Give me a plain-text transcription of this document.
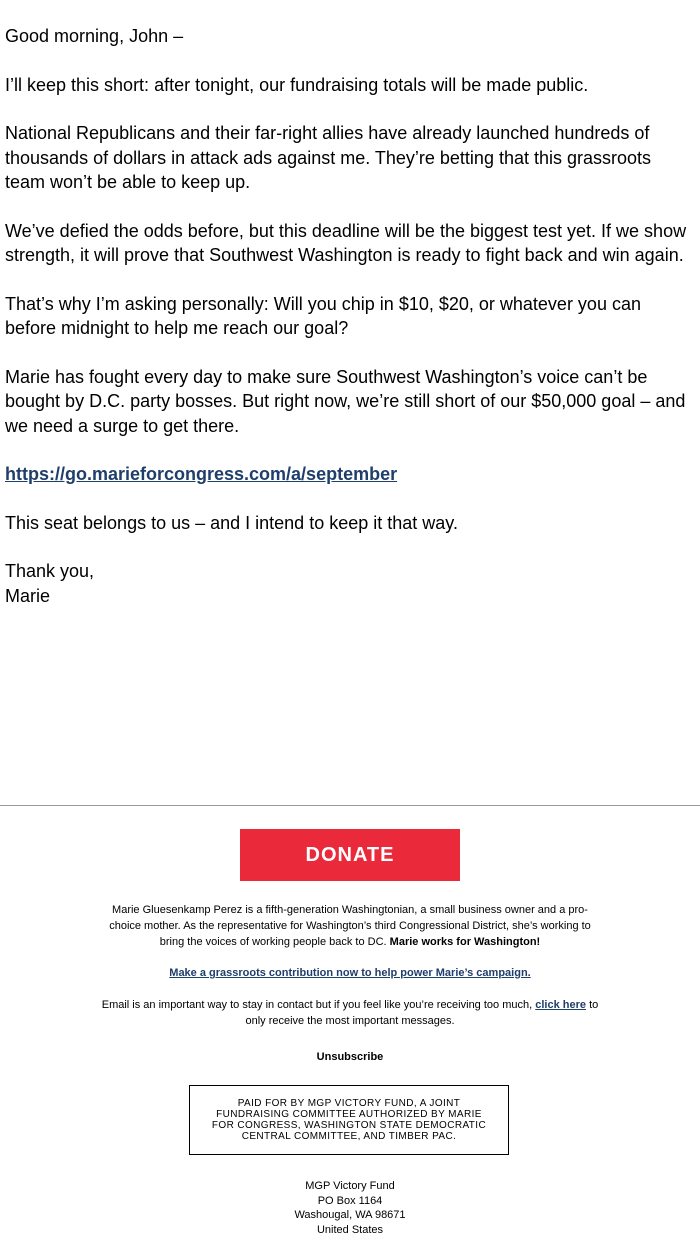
Good morning, John –

I’ll keep this short: after tonight, our fundraising totals will be made public.

National Republicans and their far-right allies have already launched hundreds of thousands of dollars in attack ads against me. They’re betting that this grassroots team won’t be able to keep up.

We’ve defied the odds before, but this deadline will be the biggest test yet. If we show strength, it will prove that Southwest Washington is ready to fight back and win again.

That’s why I’m asking personally: Will you chip in $10, $20, or whatever you can before midnight to help me reach our goal?

Marie has fought every day to make sure Southwest Washington’s voice can’t be bought by D.C. party bosses. But right now, we’re still short of our $50,000 goal – and we need a surge to get there.

https://go.marieforcongress.com/a/september

This seat belongs to us – and I intend to keep it that way.

Thank you,
Marie

DONATE
Marie Gluesenkamp Perez is a fifth-generation Washingtonian, a small business owner and a pro-choice mother. As the representative for Washington’s third Congressional District, she’s working to bring the voices of working people back to DC. Marie works for Washington!
Make a grassroots contribution now to help power Marie’s campaign.
Email is an important way to stay in contact but if you feel like you’re receiving too much, click here to only receive the most important messages.
Unsubscribe
PAID FOR BY MGP VICTORY FUND, A JOINT FUNDRAISING COMMITTEE AUTHORIZED BY MARIE FOR CONGRESS, WASHINGTON STATE DEMOCRATIC CENTRAL COMMITTEE, AND TIMBER PAC.
MGP Victory Fund
PO Box 1164
Washougal, WA 98671
United States
